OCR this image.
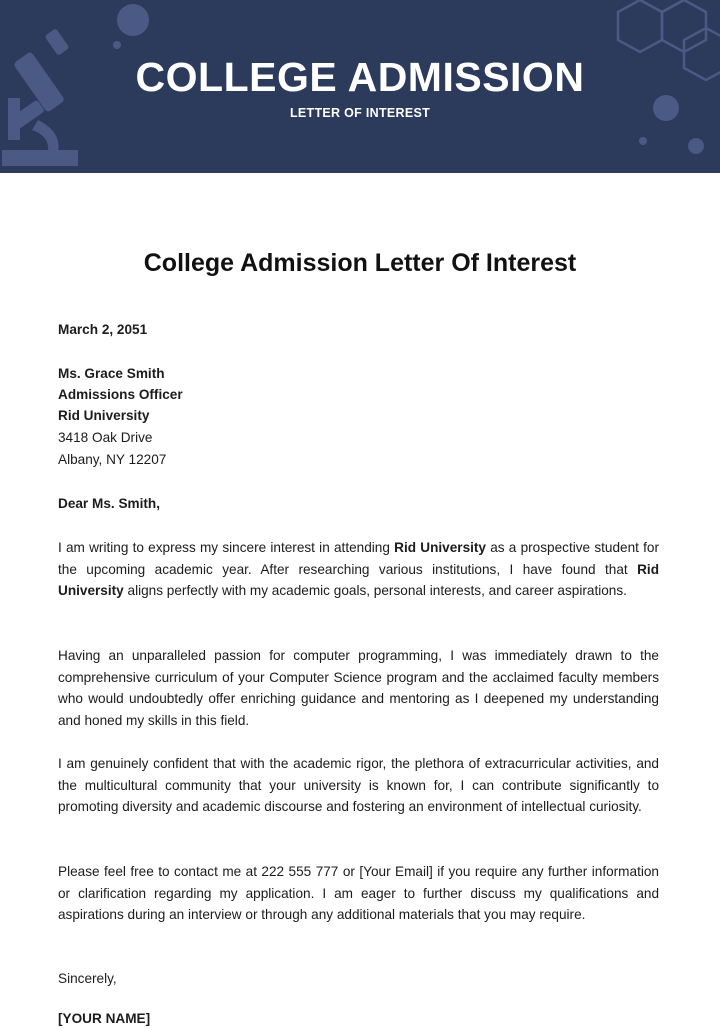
COLLEGE ADMISSION
LETTER OF INTEREST
College Admission Letter Of Interest
March 2, 2051
Ms. Grace Smith
Admissions Officer
Rid University
3418 Oak Drive
Albany, NY 12207
Dear Ms. Smith,
I am writing to express my sincere interest in attending Rid University as a prospective student for the upcoming academic year. After researching various institutions, I have found that Rid University aligns perfectly with my academic goals, personal interests, and career aspirations.
Having an unparalleled passion for computer programming, I was immediately drawn to the comprehensive curriculum of your Computer Science program and the acclaimed faculty members who would undoubtedly offer enriching guidance and mentoring as I deepened my understanding and honed my skills in this field.
I am genuinely confident that with the academic rigor, the plethora of extracurricular activities, and the multicultural community that your university is known for, I can contribute significantly to promoting diversity and academic discourse and fostering an environment of intellectual curiosity.
Please feel free to contact me at 222 555 777 or [Your Email] if you require any further information or clarification regarding my application. I am eager to further discuss my qualifications and aspirations during an interview or through any additional materials that you may require.
Sincerely,
[YOUR NAME]
